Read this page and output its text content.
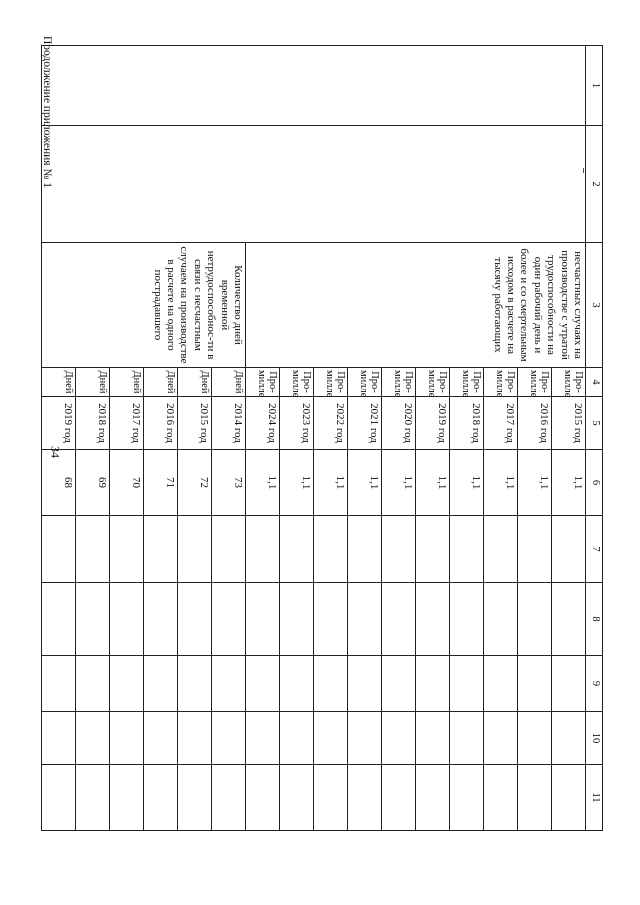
34
Продолжение приложения № 1	1	2	3	4	5	6	7	8	9	10	11
		несчастных случаях на производстве с утратой трудоспособности на один рабочий день и более и со смертельным исходом в расчете на тысячу работающих	Про-милле	2015 год	1,1					
			Про-милле	2016 год	1,1					
			Про-милле	2017 год	1,1					
			Про-милле	2018 год	1,1					
			Про-милле	2019 год	1,1					
			Про-милле	2020 год	1,1					
			Про-милле	2021 год	1,1					
			Про-милле	2022 год	1,1					
			Про-милле	2023 год	1,1					
			Про-милле	2024 год	1,1					
		Количество дней временной нетрудоспособнос-ти в связи с несчастным случаем на производстве в расчете на одного пострадавшего	Дней	2014 год	73					
			Дней	2015 год	72					
			Дней	2016 год	71					
			Дней	2017 год	70					
			Дней	2018 год	69					
			Дней	2019 год	68					
